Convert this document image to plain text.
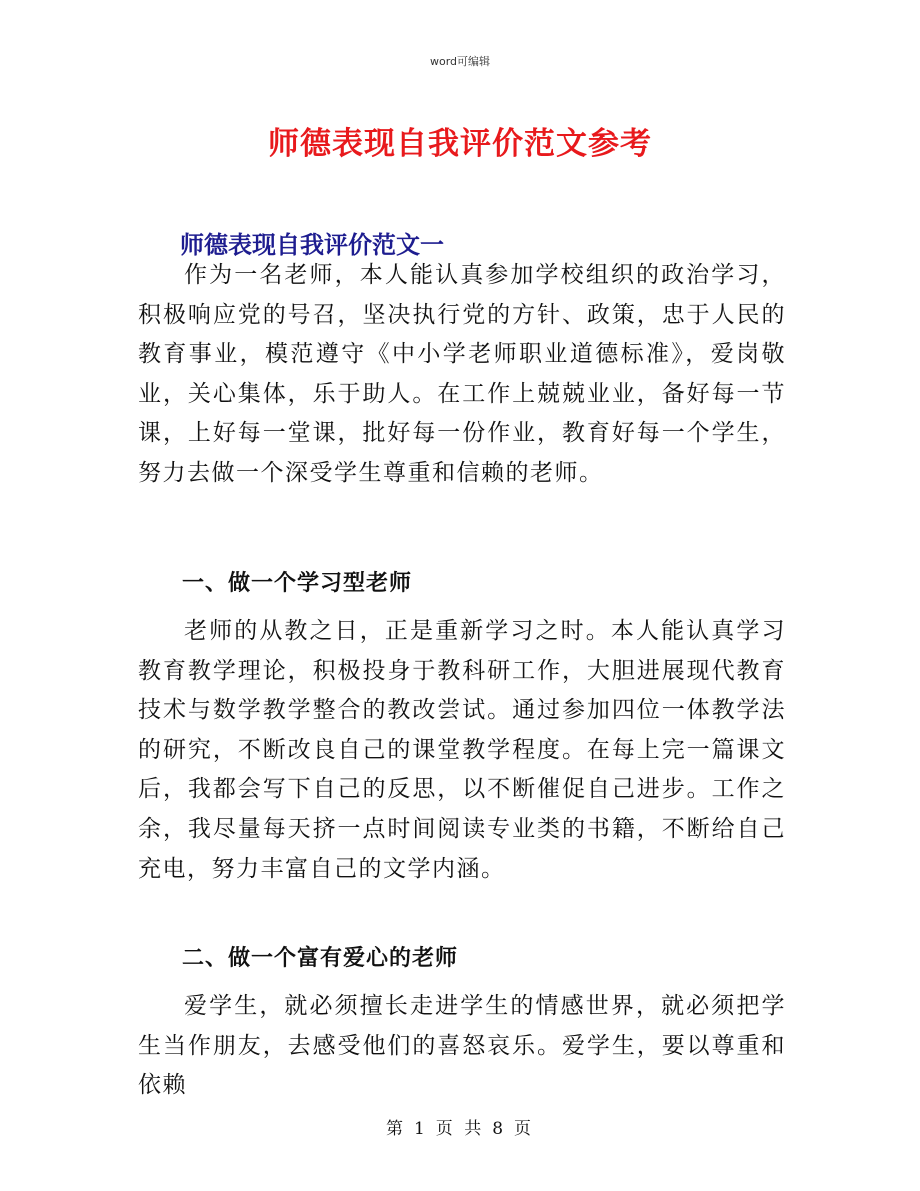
word可编辑
师德表现自我评价范文参考
师德表现自我评价范文一
作为一名老师，本人能认真参加学校组织的政治学习，积极响应党的号召，坚决执行党的方针、政策，忠于人民的教育事业，模范遵守《中小学老师职业道德标准》，爱岗敬业，关心集体，乐于助人。在工作上兢兢业业，备好每一节课，上好每一堂课，批好每一份作业，教育好每一个学生，努力去做一个深受学生尊重和信赖的老师。
一、做一个学习型老师
老师的从教之日，正是重新学习之时。本人能认真学习教育教学理论，积极投身于教科研工作，大胆进展现代教育技术与数学教学整合的教改尝试。通过参加四位一体教学法的研究，不断改良自己的课堂教学程度。在每上完一篇课文后，我都会写下自己的反思，以不断催促自己进步。工作之余，我尽量每天挤一点时间阅读专业类的书籍，不断给自己充电，努力丰富自己的文学内涵。
二、做一个富有爱心的老师
爱学生，就必须擅长走进学生的情感世界，就必须把学生当作朋友，去感受他们的喜怒哀乐。爱学生，要以尊重和依赖
第 1 页 共 8 页
